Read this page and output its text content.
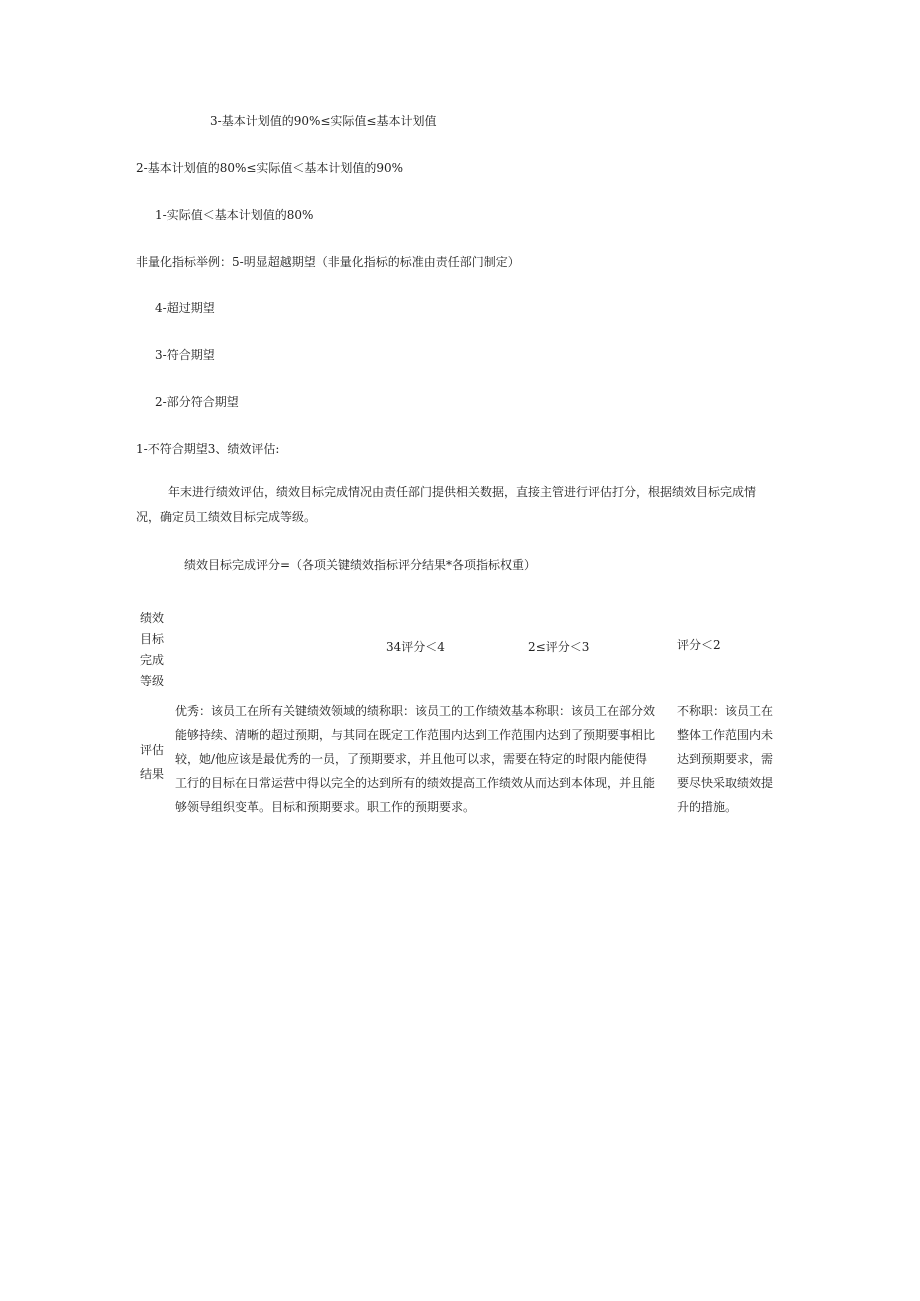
3-基本计划值的90%≤实际值≤基本计划值
2-基本计划值的80%≤实际值＜基本计划值的90%
1-实际值＜基本计划值的80%
非量化指标举例：5-明显超越期望（非量化指标的标准由责任部门制定）
4-超过期望
3-符合期望
2-部分符合期望
1-不符合期望3、绩效评估:
年末进行绩效评估，绩效目标完成情况由责任部门提供相关数据，直接主管进行评估打分，根据绩效目标完成情
况，确定员工绩效目标完成等级。
绩效目标完成评分=（各项关键绩效指标评分结果*各项指标权重）
绩效
目标
完成
等级
34评分＜4	2≤评分＜3	评分＜2
评估
结果
优秀：该员工在所有关键绩效领域的绩称职：该员工的工作绩效基本称职：该员工在部分效
能够持续、清晰的超过预期，与其同在既定工作范围内达到工作范围内达到了预期要事相比
较，她/他应该是最优秀的一员，了预期要求，并且他可以求，需要在特定的时限内能使得
工行的目标在日常运营中得以完全的达到所有的绩效提高工作绩效从而达到本体现，并且能
够领导组织变革。目标和预期要求。职工作的预期要求。
不称职：该员工在
整体工作范围内未
达到预期要求，需
要尽快采取绩效提
升的措施。
